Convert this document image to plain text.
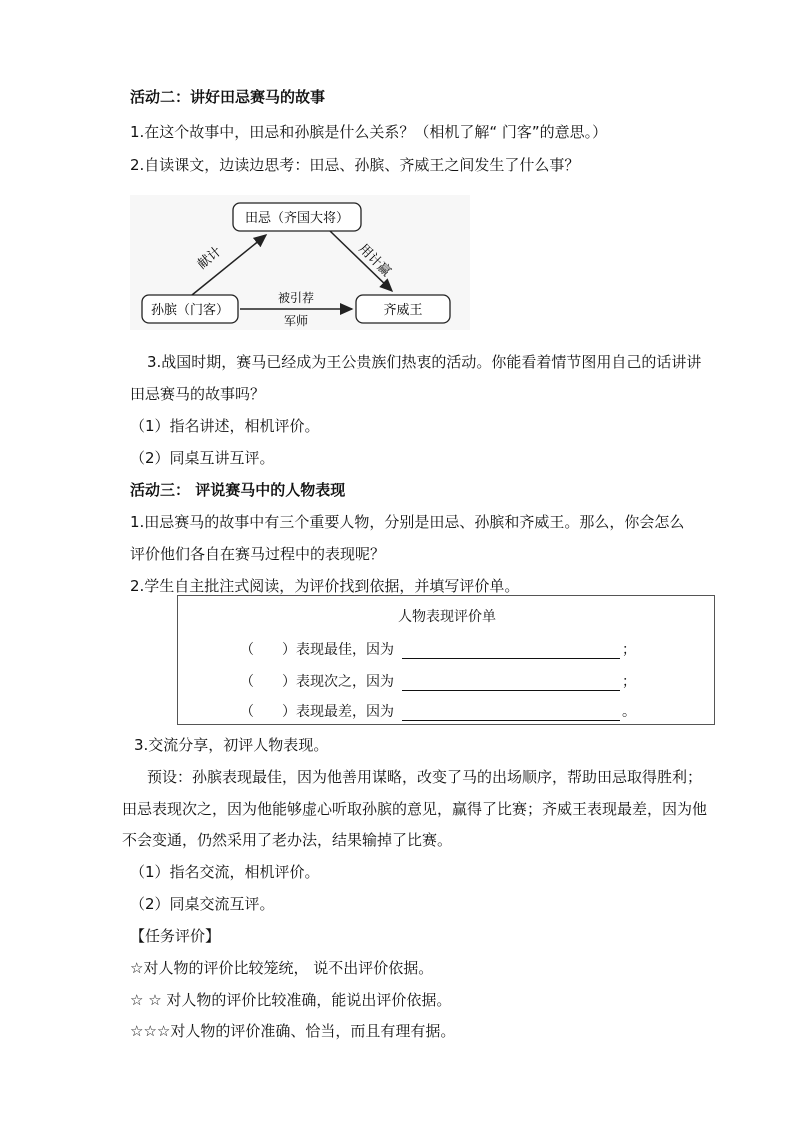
活动二：讲好田忌赛马的故事
1.在这个故事中，田忌和孙膑是什么关系？（相机了解“ 门客”的意思。）
2.自读课文，边读边思考：田忌、孙膑、齐威王之间发生了什么事？
田忌（齐国大将）
孙膑（门客）	齐威王
献计	用计赢
被引荐
军师
3.战国时期，赛马已经成为王公贵族们热衷的活动。你能看着情节图用自己的话讲讲
田忌赛马的故事吗？
（1）指名讲述，相机评价。
（2）同桌互讲互评。
活动三： 评说赛马中的人物表现
1.田忌赛马的故事中有三个重要人物，分别是田忌、孙膑和齐威王。那么，你会怎么
评价他们各自在赛马过程中的表现呢？
2.学生自主批注式阅读，为评价找到依据，并填写评价单。
人物表现评价单
（　　） 表现最佳，因为	；
（　　） 表现次之，因为	；
（　　） 表现最差，因为	。
3.交流分享，初评人物表现。
预设：孙膑表现最佳，因为他善用谋略，改变了马的出场顺序，帮助田忌取得胜利；
田忌表现次之，因为他能够虚心听取孙膑的意见，赢得了比赛；齐威王表现最差，因为他
不会变通，仍然采用了老办法，结果输掉了比赛。
（1）指名交流，相机评价。
（2）同桌交流互评。
【任务评价】
☆对人物的评价比较笼统， 说不出评价依据。
☆ ☆ 对人物的评价比较准确，能说出评价依据。
☆☆☆对人物的评价准确、恰当，而且有理有据。
